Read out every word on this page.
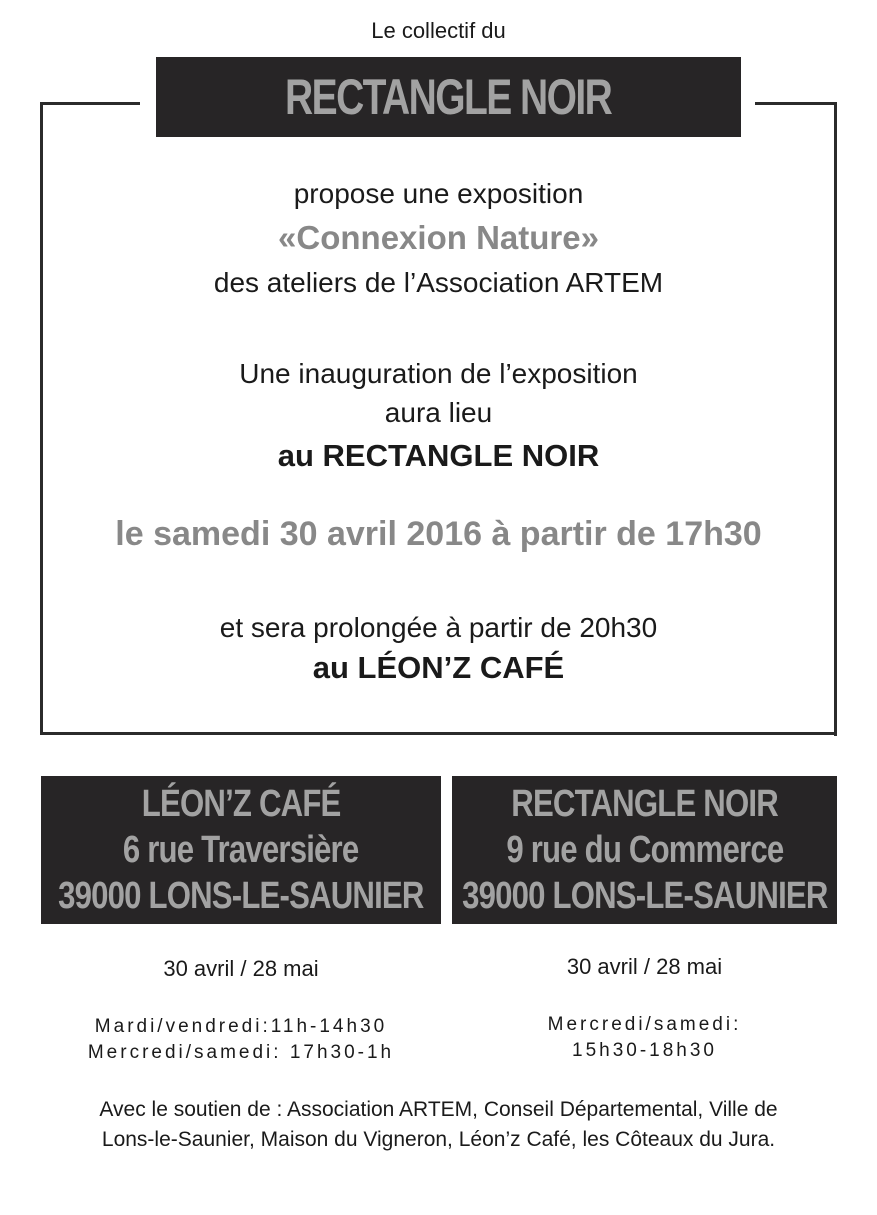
Le collectif du
RECTANGLE NOIR
propose une exposition
«Connexion Nature»
des ateliers de l’Association ARTEM
Une inauguration de l’exposition
aura lieu
au RECTANGLE NOIR
le samedi 30 avril 2016 à partir de 17h30
et sera prolongée à partir de 20h30
au LÉON’Z CAFÉ
LÉON’Z CAFÉ
6 rue Traversière
39000 LONS-LE-SAUNIER
RECTANGLE NOIR
9 rue du Commerce
39000 LONS-LE-SAUNIER
30 avril / 28 mai	30 avril / 28 mai
Mardi/vendredi:11h-14h30
Mercredi/samedi: 17h30-1h
Mercredi/samedi:
15h30-18h30
Avec le soutien de : Association ARTEM, Conseil Départemental, Ville de
Lons-le-Saunier, Maison du Vigneron, Léon’z Café, les Côteaux du Jura.
